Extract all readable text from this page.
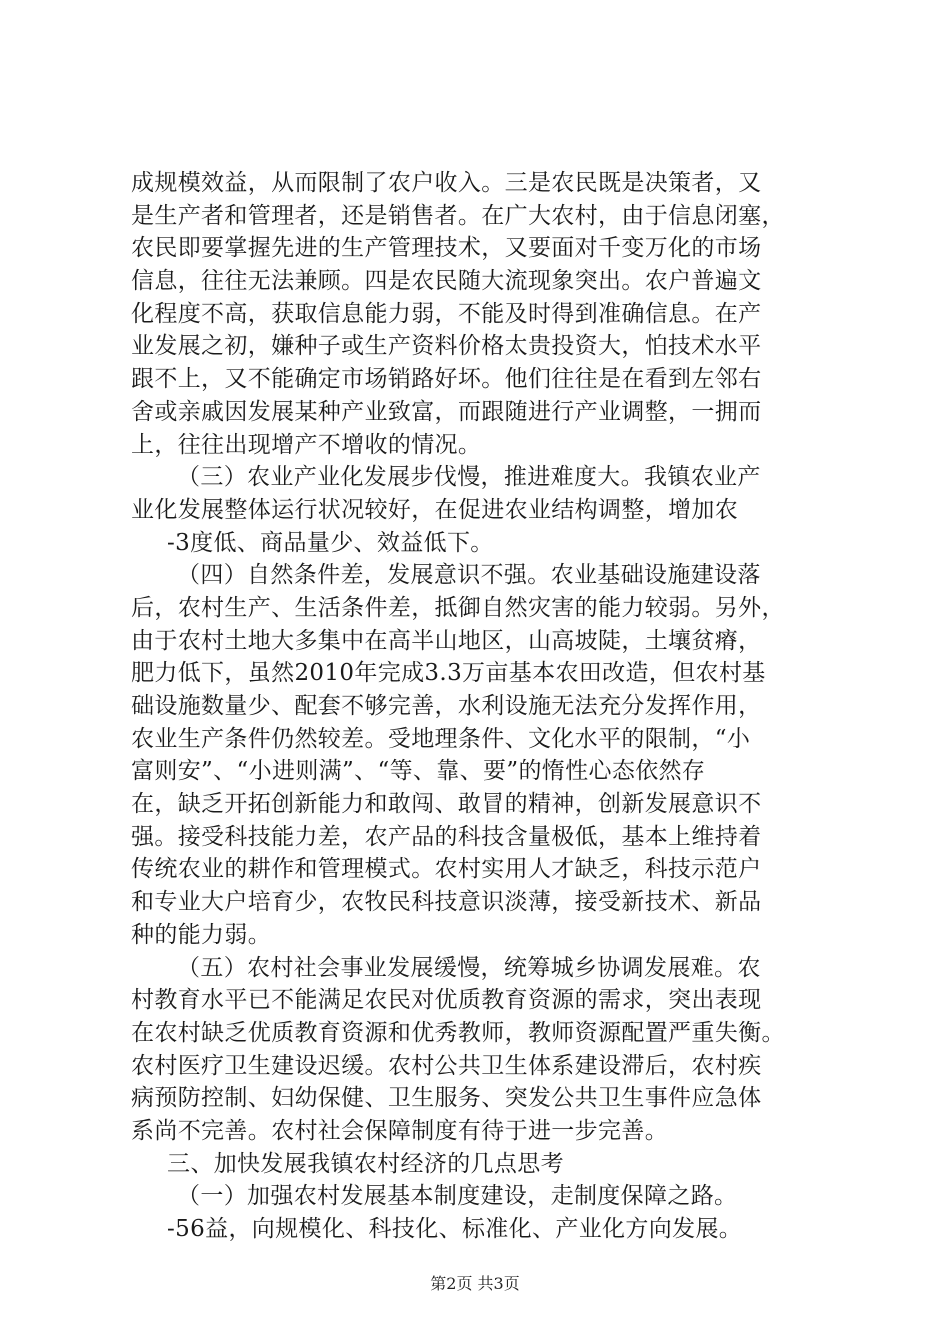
成规模效益，从而限制了农户收入。三是农民既是决策者，又
是生产者和管理者，还是销售者。在广大农村，由于信息闭塞，
农民即要掌握先进的生产管理技术，又要面对千变万化的市场
信息，往往无法兼顾。四是农民随大流现象突出。农户普遍文
化程度不高，获取信息能力弱，不能及时得到准确信息。在产
业发展之初，嫌种子或生产资料价格太贵投资大，怕技术水平
跟不上，又不能确定市场销路好坏。他们往往是在看到左邻右
舍或亲戚因发展某种产业致富，而跟随进行产业调整，一拥而
上，往往出现增产不增收的情况。
（三）农业产业化发展步伐慢，推进难度大。我镇农业产
业化发展整体运行状况较好，在促进农业结构调整，增加农
-3度低、商品量少、效益低下。
（四）自然条件差，发展意识不强。农业基础设施建设落
后，农村生产、生活条件差，抵御自然灾害的能力较弱。另外，
由于农村土地大多集中在高半山地区，山高坡陡，土壤贫瘠，
肥力低下，虽然2010年完成3.3万亩基本农田改造，但农村基
础设施数量少、配套不够完善，水利设施无法充分发挥作用，
农业生产条件仍然较差。受地理条件、文化水平的限制，“小
富则安”、“小进则满”、“等、靠、要”的惰性心态依然存
在，缺乏开拓创新能力和敢闯、敢冒的精神，创新发展意识不
强。接受科技能力差，农产品的科技含量极低，基本上维持着
传统农业的耕作和管理模式。农村实用人才缺乏，科技示范户
和专业大户培育少，农牧民科技意识淡薄，接受新技术、新品
种的能力弱。
（五）农村社会事业发展缓慢，统筹城乡协调发展难。农
村教育水平已不能满足农民对优质教育资源的需求，突出表现
在农村缺乏优质教育资源和优秀教师，教师资源配置严重失衡。
农村医疗卫生建设迟缓。农村公共卫生体系建设滞后，农村疾
病预防控制、妇幼保健、卫生服务、突发公共卫生事件应急体
系尚不完善。农村社会保障制度有待于进一步完善。
三、加快发展我镇农村经济的几点思考
（一）加强农村发展基本制度建设，走制度保障之路。
-56益，向规模化、科技化、标准化、产业化方向发展。
第2页 共3页
